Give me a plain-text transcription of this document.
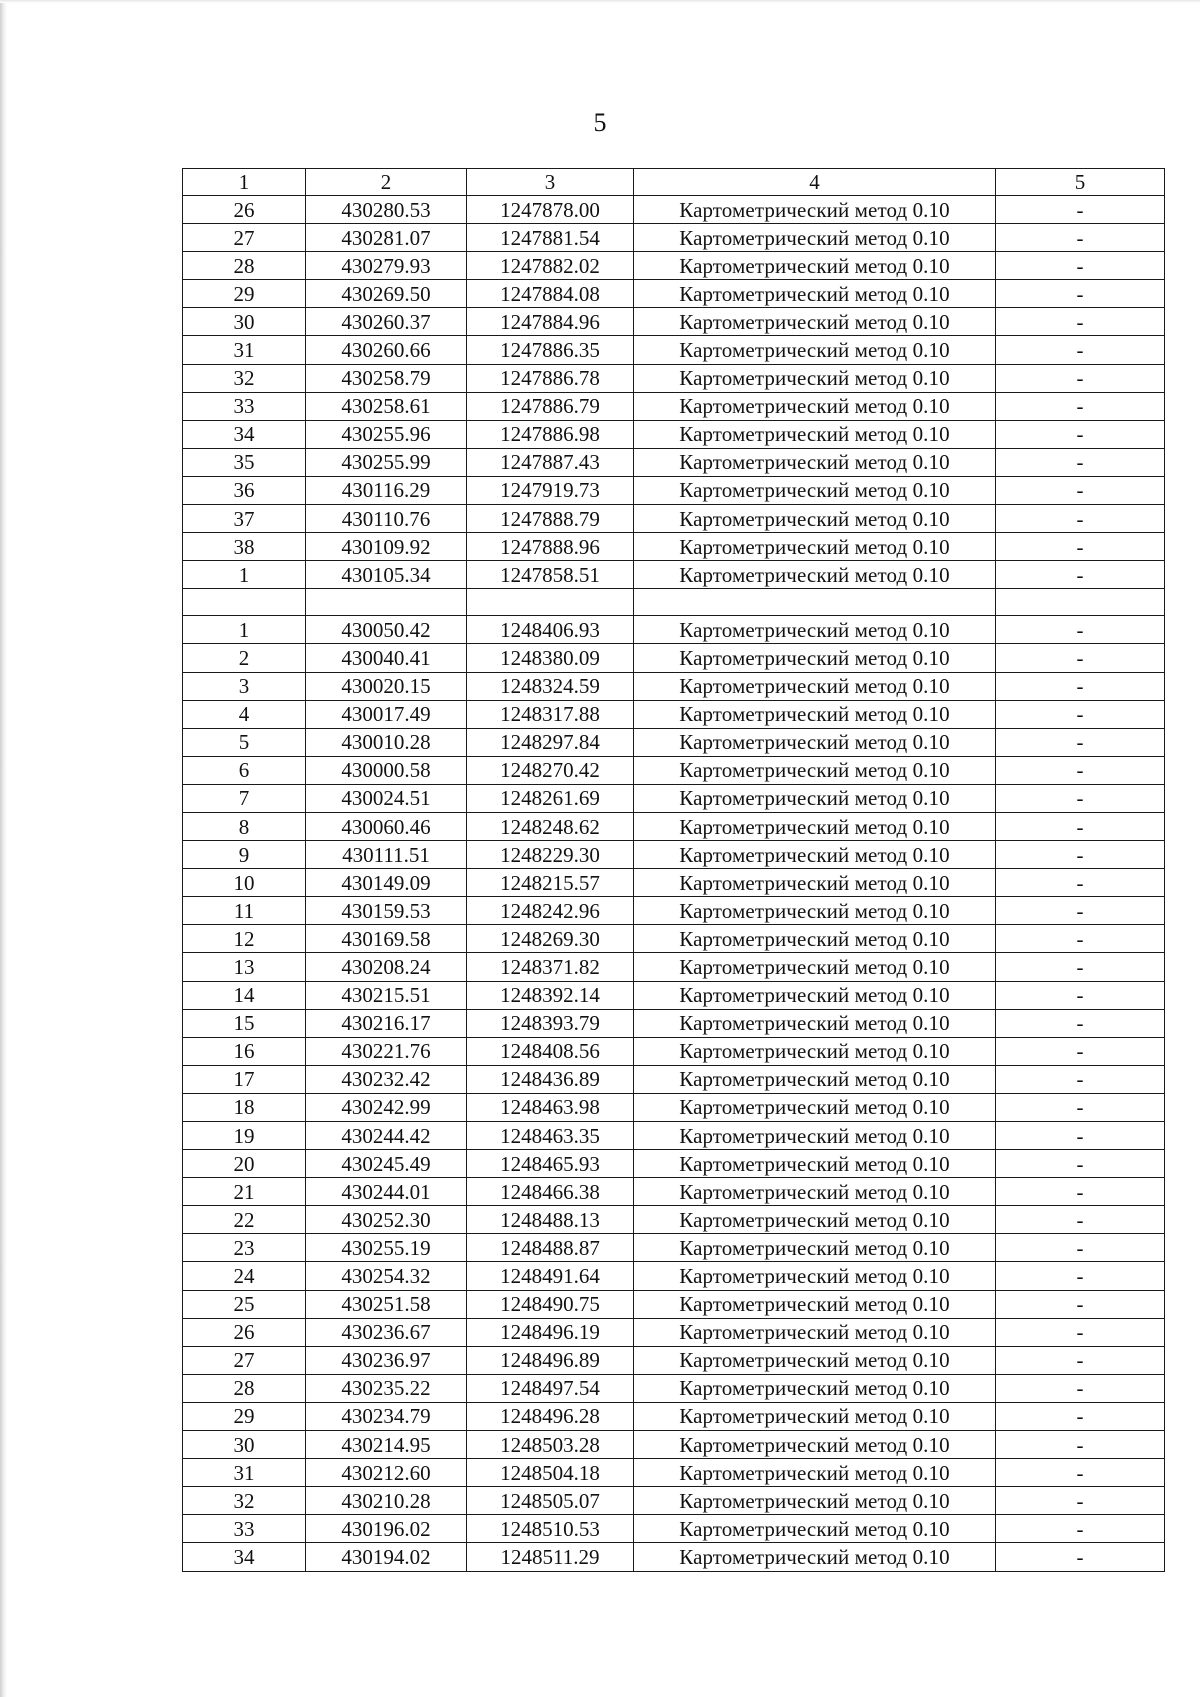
5
1	2	3	4	5
26	430280.53	1247878.00	Картометрический метод 0.10	-
27	430281.07	1247881.54	Картометрический метод 0.10	-
28	430279.93	1247882.02	Картометрический метод 0.10	-
29	430269.50	1247884.08	Картометрический метод 0.10	-
30	430260.37	1247884.96	Картометрический метод 0.10	-
31	430260.66	1247886.35	Картометрический метод 0.10	-
32	430258.79	1247886.78	Картометрический метод 0.10	-
33	430258.61	1247886.79	Картометрический метод 0.10	-
34	430255.96	1247886.98	Картометрический метод 0.10	-
35	430255.99	1247887.43	Картометрический метод 0.10	-
36	430116.29	1247919.73	Картометрический метод 0.10	-
37	430110.76	1247888.79	Картометрический метод 0.10	-
38	430109.92	1247888.96	Картометрический метод 0.10	-
1	430105.34	1247858.51	Картометрический метод 0.10	-

1	430050.42	1248406.93	Картометрический метод 0.10	-
2	430040.41	1248380.09	Картометрический метод 0.10	-
3	430020.15	1248324.59	Картометрический метод 0.10	-
4	430017.49	1248317.88	Картометрический метод 0.10	-
5	430010.28	1248297.84	Картометрический метод 0.10	-
6	430000.58	1248270.42	Картометрический метод 0.10	-
7	430024.51	1248261.69	Картометрический метод 0.10	-
8	430060.46	1248248.62	Картометрический метод 0.10	-
9	430111.51	1248229.30	Картометрический метод 0.10	-
10	430149.09	1248215.57	Картометрический метод 0.10	-
11	430159.53	1248242.96	Картометрический метод 0.10	-
12	430169.58	1248269.30	Картометрический метод 0.10	-
13	430208.24	1248371.82	Картометрический метод 0.10	-
14	430215.51	1248392.14	Картометрический метод 0.10	-
15	430216.17	1248393.79	Картометрический метод 0.10	-
16	430221.76	1248408.56	Картометрический метод 0.10	-
17	430232.42	1248436.89	Картометрический метод 0.10	-
18	430242.99	1248463.98	Картометрический метод 0.10	-
19	430244.42	1248463.35	Картометрический метод 0.10	-
20	430245.49	1248465.93	Картометрический метод 0.10	-
21	430244.01	1248466.38	Картометрический метод 0.10	-
22	430252.30	1248488.13	Картометрический метод 0.10	-
23	430255.19	1248488.87	Картометрический метод 0.10	-
24	430254.32	1248491.64	Картометрический метод 0.10	-
25	430251.58	1248490.75	Картометрический метод 0.10	-
26	430236.67	1248496.19	Картометрический метод 0.10	-
27	430236.97	1248496.89	Картометрический метод 0.10	-
28	430235.22	1248497.54	Картометрический метод 0.10	-
29	430234.79	1248496.28	Картометрический метод 0.10	-
30	430214.95	1248503.28	Картометрический метод 0.10	-
31	430212.60	1248504.18	Картометрический метод 0.10	-
32	430210.28	1248505.07	Картометрический метод 0.10	-
33	430196.02	1248510.53	Картометрический метод 0.10	-
34	430194.02	1248511.29	Картометрический метод 0.10	-
